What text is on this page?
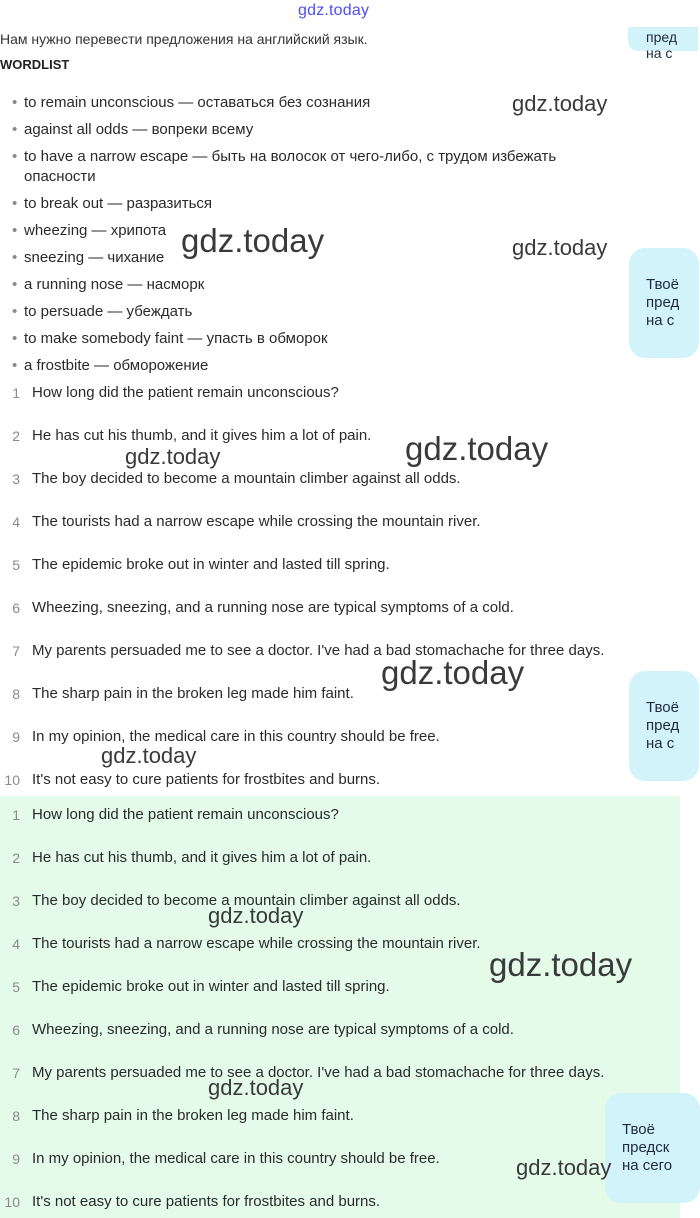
gdz.today
Нам нужно перевести предложения на английский язык.
WORDLIST
• to remain unconscious — оставаться без сознания
• against all odds — вопреки всему
• to have a narrow escape — быть на волосок от чего-либо, с трудом избежать опасности
• to break out — разразиться
• wheezing — хрипота
• sneezing — чихание
• a running nose — насморк
• to persuade — убеждать
• to make somebody faint — упасть в обморок
• a frostbite — обморожение
1 How long did the patient remain unconscious?
2 He has cut his thumb, and it gives him a lot of pain.
3 The boy decided to become a mountain climber against all odds.
4 The tourists had a narrow escape while crossing the mountain river.
5 The epidemic broke out in winter and lasted till spring.
6 Wheezing, sneezing, and a running nose are typical symptoms of a cold.
7 My parents persuaded me to see a doctor. I've had a bad stomachache for three days.
8 The sharp pain in the broken leg made him faint.
9 In my opinion, the medical care in this country should be free.
10 It's not easy to cure patients for frostbites and burns.
1 How long did the patient remain unconscious?
2 He has cut his thumb, and it gives him a lot of pain.
3 The boy decided to become a mountain climber against all odds.
4 The tourists had a narrow escape while crossing the mountain river.
5 The epidemic broke out in winter and lasted till spring.
6 Wheezing, sneezing, and a running nose are typical symptoms of a cold.
7 My parents persuaded me to see a doctor. I've had a bad stomachache for three days.
8 The sharp pain in the broken leg made him faint.
9 In my opinion, the medical care in this country should be free.
10 It's not easy to cure patients for frostbites and burns.
пред
на с
Твоё
пред
на с
Твоё
пред
на с
Твоё
предск
на сего
gdz.today
gdz.today	gdz.today
gdz.today
gdz.today
gdz.today
gdz.today
gdz.today
gdz.today
gdz.today
gdz.today
